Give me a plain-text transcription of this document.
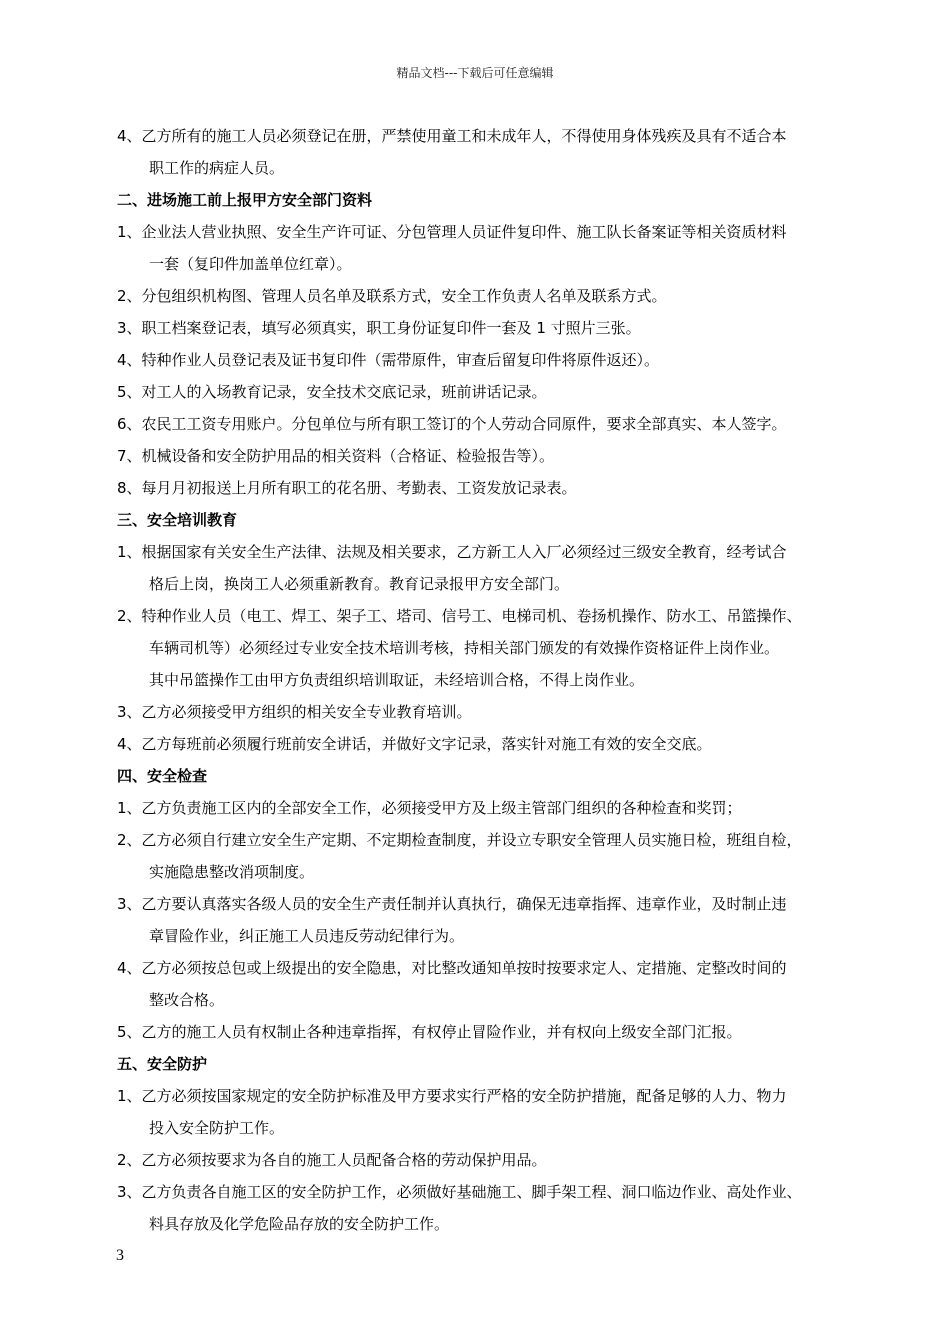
精品文档---下载后可任意编辑
4、乙方所有的施工人员必须登记在册，严禁使用童工和未成年人，不得使用身体残疾及具有不适合本
职工作的病症人员。
二、进场施工前上报甲方安全部门资料
1、企业法人营业执照、安全生产许可证、分包管理人员证件复印件、施工队长备案证等相关资质材料
一套（复印件加盖单位红章）。
2、分包组织机构图、管理人员名单及联系方式，安全工作负责人名单及联系方式。
3、职工档案登记表，填写必须真实，职工身份证复印件一套及 1 寸照片三张。
4、特种作业人员登记表及证书复印件（需带原件，审查后留复印件将原件返还）。
5、对工人的入场教育记录，安全技术交底记录，班前讲话记录。
6、农民工工资专用账户。分包单位与所有职工签订的个人劳动合同原件，要求全部真实、本人签字。
7、机械设备和安全防护用品的相关资料（合格证、检验报告等）。
8、每月月初报送上月所有职工的花名册、考勤表、工资发放记录表。
三、安全培训教育
1、根据国家有关安全生产法律、法规及相关要求，乙方新工人入厂必须经过三级安全教育，经考试合
格后上岗，换岗工人必须重新教育。教育记录报甲方安全部门。
2、特种作业人员（电工、焊工、架子工、塔司、信号工、电梯司机、卷扬机操作、防水工、吊篮操作、
车辆司机等）必须经过专业安全技术培训考核，持相关部门颁发的有效操作资格证件上岗作业。
其中吊篮操作工由甲方负责组织培训取证，未经培训合格，不得上岗作业。
3、乙方必须接受甲方组织的相关安全专业教育培训。
4、乙方每班前必须履行班前安全讲话，并做好文字记录，落实针对施工有效的安全交底。
四、安全检查
1、乙方负责施工区内的全部安全工作，必须接受甲方及上级主管部门组织的各种检查和奖罚；
2、乙方必须自行建立安全生产定期、不定期检查制度，并设立专职安全管理人员实施日检，班组自检，
实施隐患整改消项制度。
3、乙方要认真落实各级人员的安全生产责任制并认真执行，确保无违章指挥、违章作业，及时制止违
章冒险作业，纠正施工人员违反劳动纪律行为。
4、乙方必须按总包或上级提出的安全隐患，对比整改通知单按时按要求定人、定措施、定整改时间的
整改合格。
5、乙方的施工人员有权制止各种违章指挥，有权停止冒险作业，并有权向上级安全部门汇报。
五、安全防护
1、乙方必须按国家规定的安全防护标准及甲方要求实行严格的安全防护措施，配备足够的人力、物力
投入安全防护工作。
2、乙方必须按要求为各自的施工人员配备合格的劳动保护用品。
3、乙方负责各自施工区的安全防护工作，必须做好基础施工、脚手架工程、洞口临边作业、高处作业、
料具存放及化学危险品存放的安全防护工作。
3
